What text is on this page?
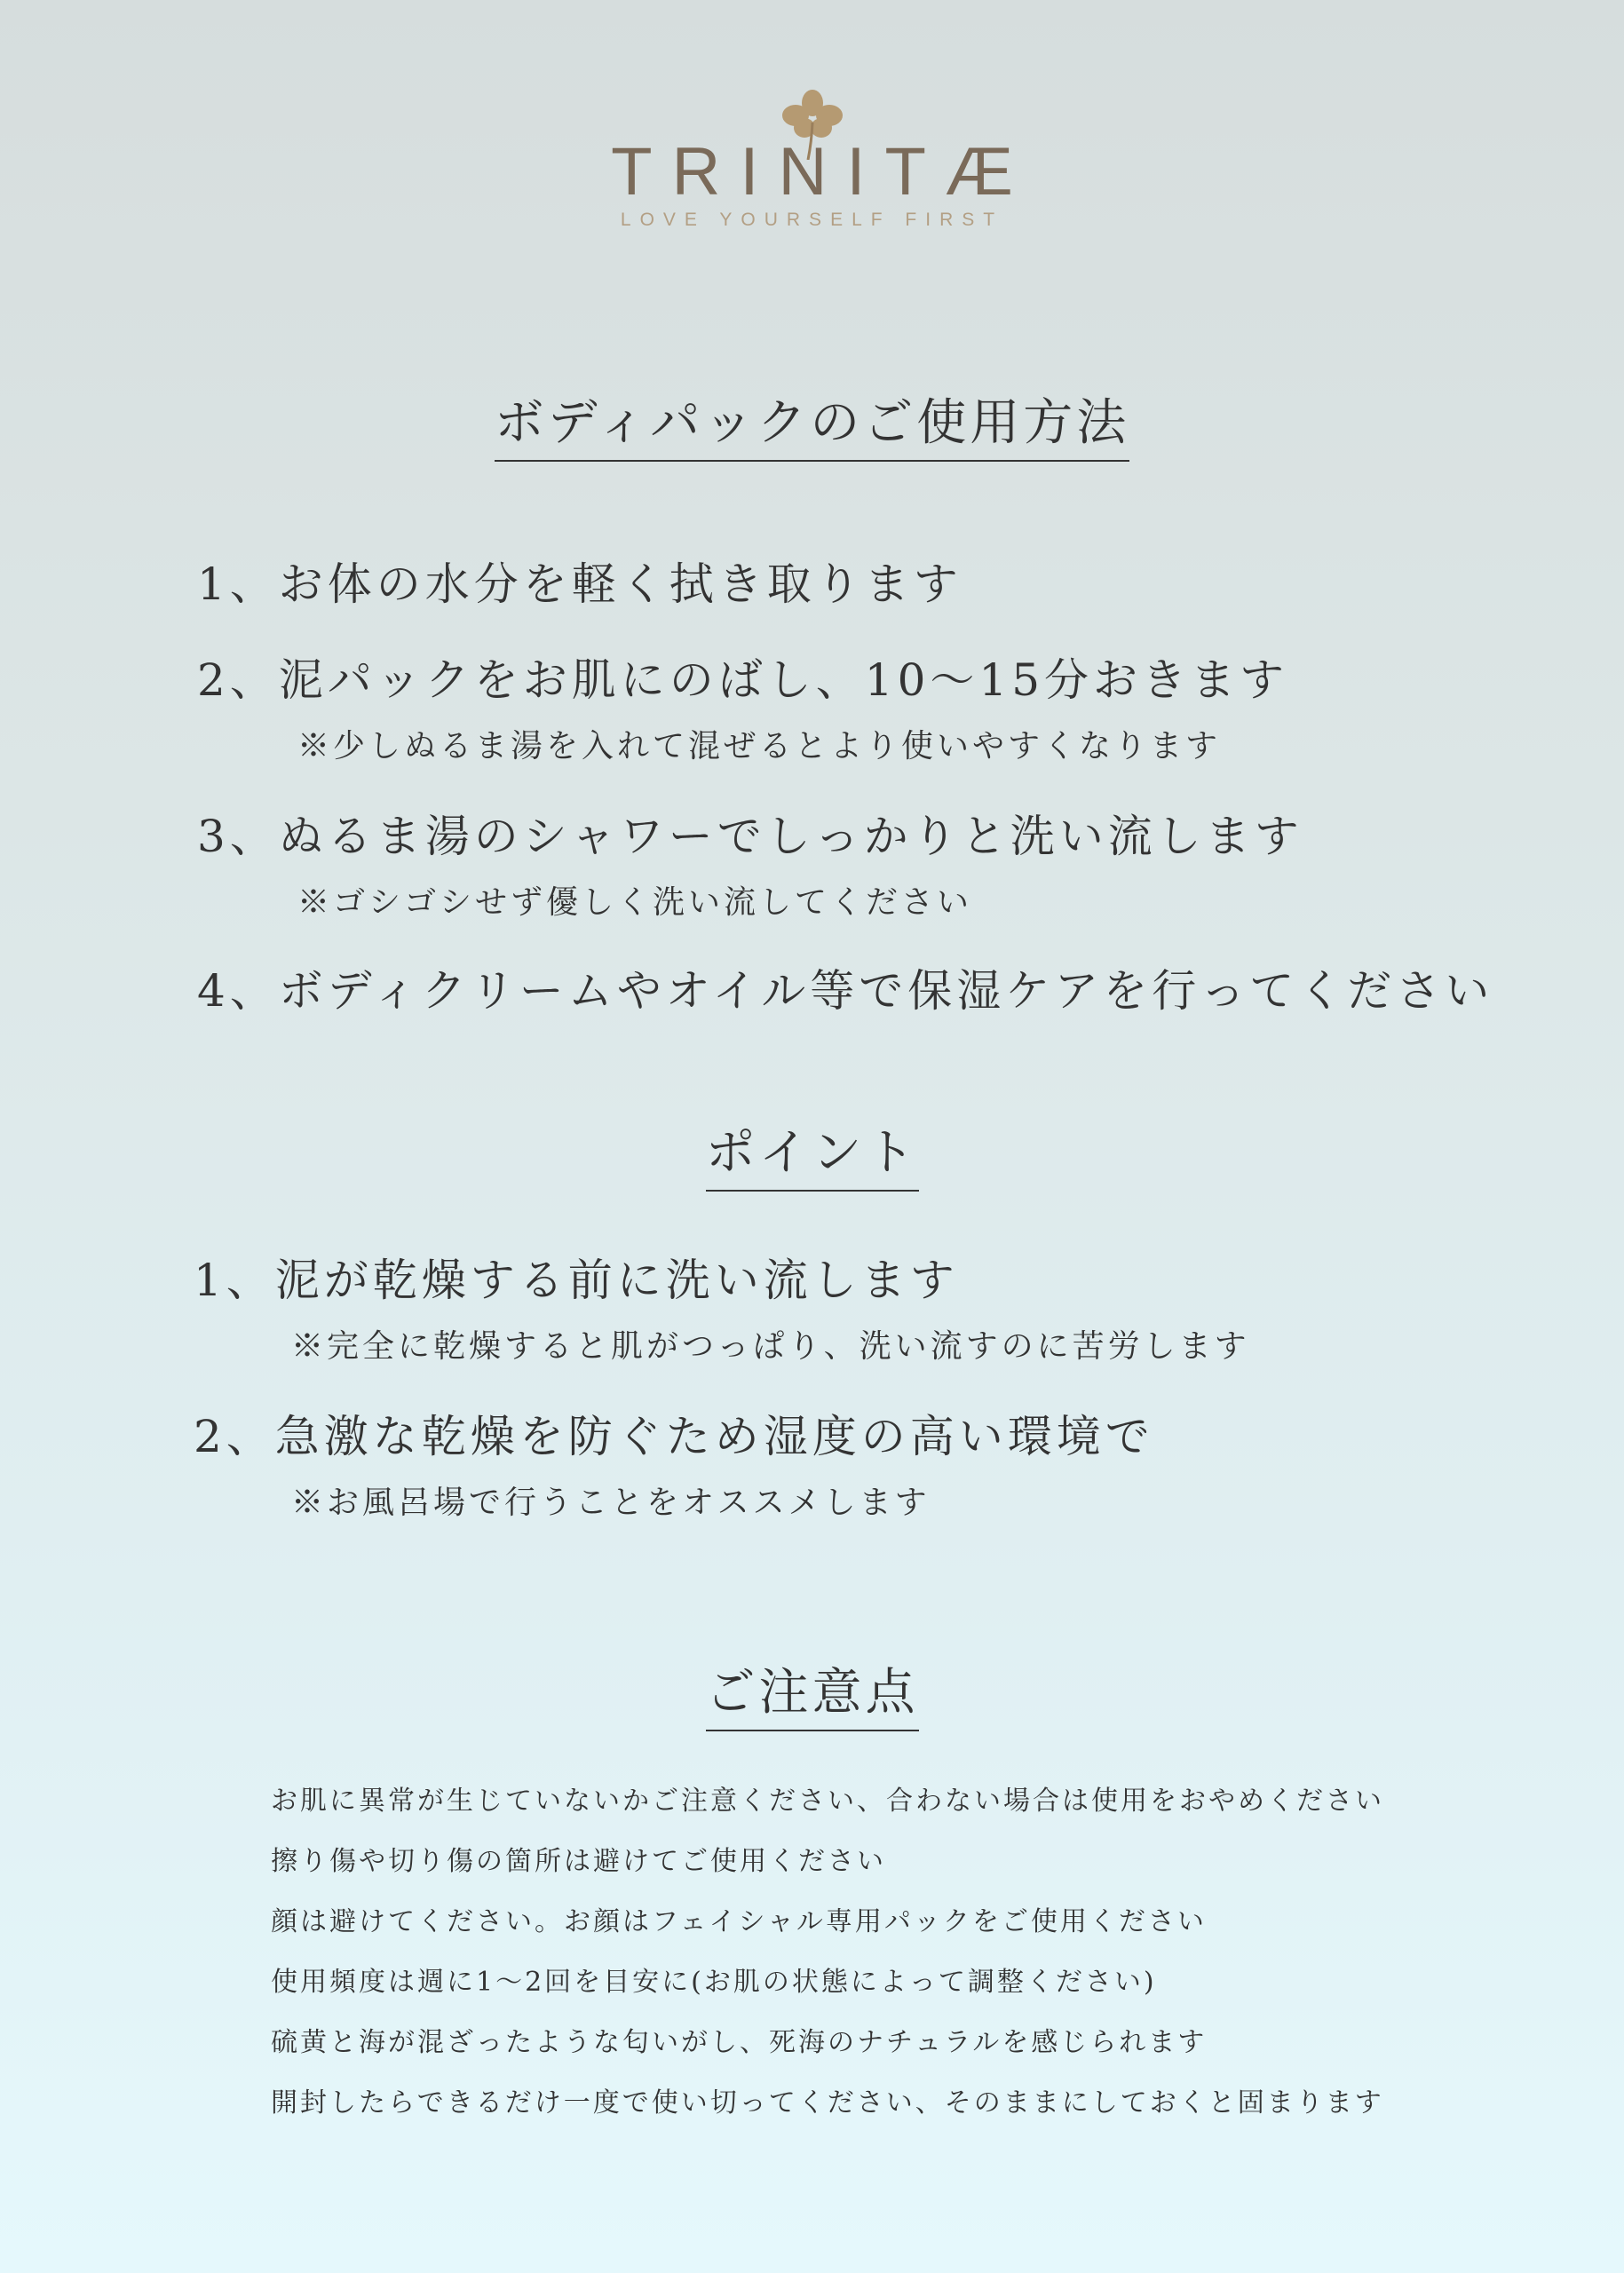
TRINITÆ
LOVE YOURSELF FIRST
ボディパックのご使用方法
1、お体の水分を軽く拭き取ります
2、泥パックをお肌にのばし、10〜15分おきます
※少しぬるま湯を入れて混ぜるとより使いやすくなります
3、ぬるま湯のシャワーでしっかりと洗い流します
※ゴシゴシせず優しく洗い流してください
4、ボディクリームやオイル等で保湿ケアを行ってください
ポイント
1、泥が乾燥する前に洗い流します
※完全に乾燥すると肌がつっぱり、洗い流すのに苦労します
2、急激な乾燥を防ぐため湿度の高い環境で
※お風呂場で行うことをオススメします
ご注意点
お肌に異常が生じていないかご注意ください、合わない場合は使用をおやめください
擦り傷や切り傷の箇所は避けてご使用ください
顔は避けてください。お顔はフェイシャル専用パックをご使用ください
使用頻度は週に1〜2回を目安に(お肌の状態によって調整ください)
硫黄と海が混ざったような匂いがし、死海のナチュラルを感じられます
開封したらできるだけ一度で使い切ってください、そのままにしておくと固まります
